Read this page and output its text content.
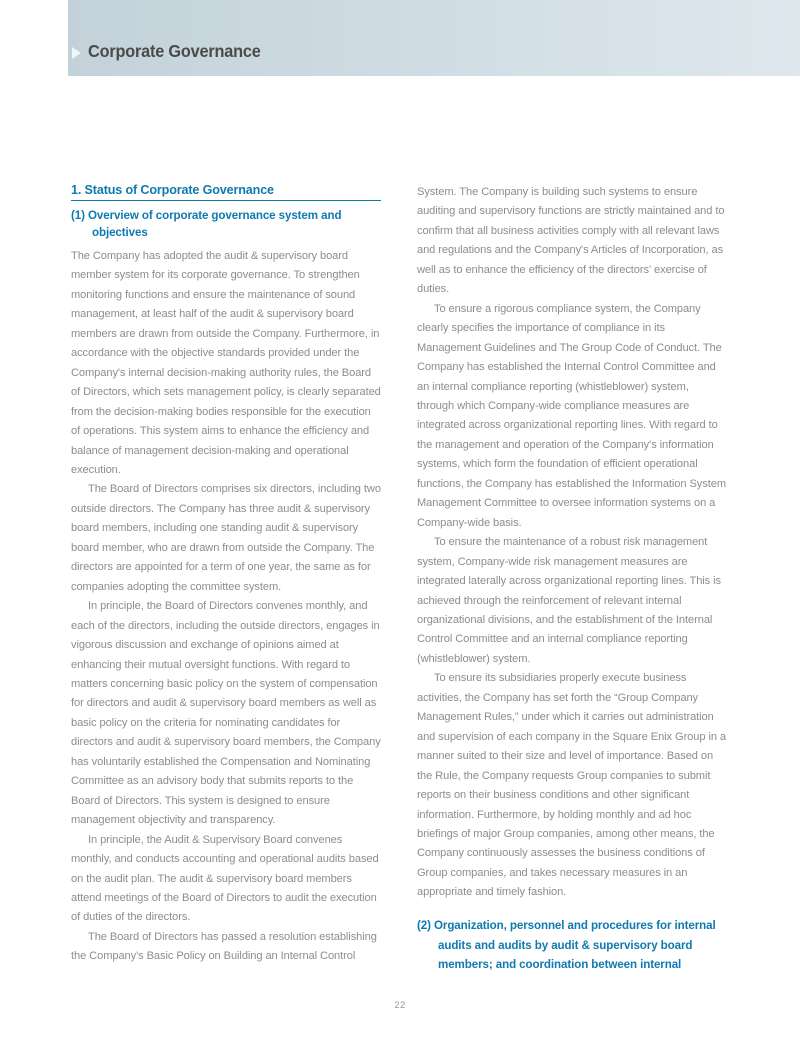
Corporate Governance
1. Status of Corporate Governance
(1) Overview of corporate governance system and objectives

The Company has adopted the audit & supervisory board member system for its corporate governance. To strengthen monitoring functions and ensure the maintenance of sound management, at least half of the audit & supervisory board members are drawn from outside the Company. Furthermore, in accordance with the objective standards provided under the Company's internal decision-making authority rules, the Board of Directors, which sets management policy, is clearly separated from the decision-making bodies responsible for the execution of operations. This system aims to enhance the efficiency and balance of management decision-making and operational execution.

The Board of Directors comprises six directors, including two outside directors. The Company has three audit & supervisory board members, including one standing audit & supervisory board member, who are drawn from outside the Company. The directors are appointed for a term of one year, the same as for companies adopting the committee system.

In principle, the Board of Directors convenes monthly, and each of the directors, including the outside directors, engages in vigorous discussion and exchange of opinions aimed at enhancing their mutual oversight functions. With regard to matters concerning basic policy on the system of compensation for directors and audit & supervisory board members as well as basic policy on the criteria for nominating candidates for directors and audit & supervisory board members, the Company has voluntarily established the Compensation and Nominating Committee as an advisory body that submits reports to the Board of Directors. This system is designed to ensure management objectivity and transparency.

In principle, the Audit & Supervisory Board convenes monthly, and conducts accounting and operational audits based on the audit plan. The audit & supervisory board members attend meetings of the Board of Directors to audit the execution of duties of the directors.

The Board of Directors has passed a resolution establishing the Company's Basic Policy on Building an Internal Control

System. The Company is building such systems to ensure auditing and supervisory functions are strictly maintained and to confirm that all business activities comply with all relevant laws and regulations and the Company's Articles of Incorporation, as well as to enhance the efficiency of the directors' exercise of duties.

To ensure a rigorous compliance system, the Company clearly specifies the importance of compliance in its Management Guidelines and The Group Code of Conduct. The Company has established the Internal Control Committee and an internal compliance reporting (whistleblower) system, through which Company-wide compliance measures are integrated across organizational reporting lines. With regard to the management and operation of the Company's information systems, which form the foundation of efficient operational functions, the Company has established the Information System Management Committee to oversee information systems on a Company-wide basis.

To ensure the maintenance of a robust risk management system, Company-wide risk management measures are integrated laterally across organizational reporting lines. This is achieved through the reinforcement of relevant internal organizational divisions, and the establishment of the Internal Control Committee and an internal compliance reporting (whistleblower) system.

To ensure its subsidiaries properly execute business activities, the Company has set forth the “Group Company Management Rules,” under which it carries out administration and supervision of each company in the Square Enix Group in a manner suited to their size and level of importance. Based on the Rule, the Company requests Group companies to submit reports on their business conditions and other significant information. Furthermore, by holding monthly and ad hoc briefings of major Group companies, among other means, the Company continuously assesses the business conditions of Group companies, and takes necessary measures in an appropriate and timely fashion.

(2) Organization, personnel and procedures for internal audits and audits by audit & supervisory board members; and coordination between internal
22
